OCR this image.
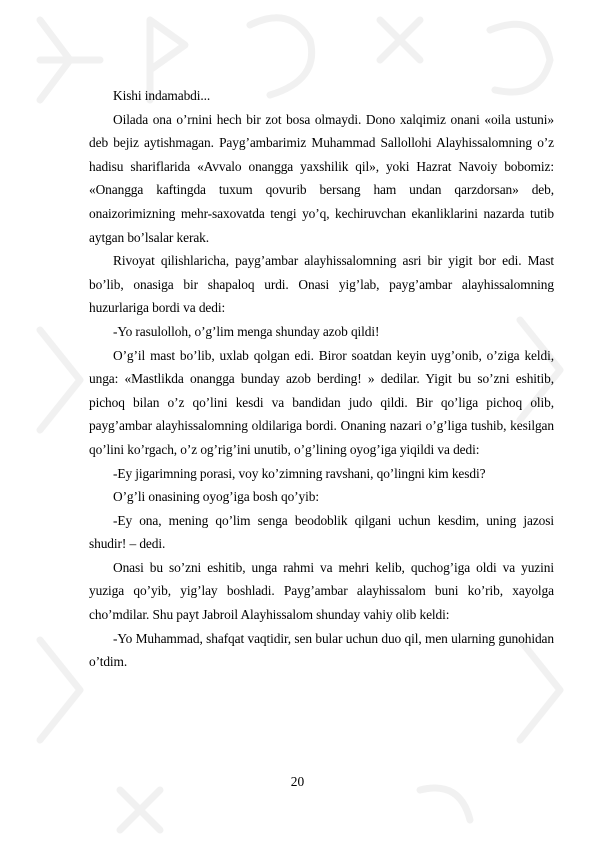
Kishi indamabdi...

Oilada ona o’rnini hech bir zot bosa olmaydi. Dono xalqimiz onani «oila ustuni» deb bejiz aytishmagan. Payg’ambarimiz Muhammad Sallollohi Alayhissalomning o’z hadisu shariflarida «Avvalo onangga yaxshilik qil», yoki Hazrat Navoiy bobomiz: «Onangga kaftingda tuxum qovurib bersang ham undan qarzdorsan» deb, onaizorimizning mehr-saxovatda tengi yo’q, kechiruvchan ekanliklarini nazarda tutib aytgan bo’lsalar kerak.

Rivoyat qilishlaricha, payg’ambar alayhissalomning asri bir yigit bor edi. Mast bo’lib, onasiga bir shapaloq urdi. Onasi yig’lab, payg’ambar alayhissalomning huzurlariga bordi va dedi:

-Yo rasulolloh, o’g’lim menga shunday azob qildi!

O’g’il mast bo’lib, uxlab qolgan edi. Biror soatdan keyin uyg’onib, o’ziga keldi, unga: «Mastlikda onangga bunday azob berding! » dedilar. Yigit bu so’zni eshitib, pichoq bilan o’z qo’lini kesdi va bandidan judo qildi. Bir qo’liga pichoq olib, payg’ambar alayhissalomning oldilariga bordi. Onaning nazari o’g’liga tushib, kesilgan qo’lini ko’rgach, o’z og’rig’ini unutib, o’g’lining oyog’iga yiqildi va dedi:

-Ey jigarimning porasi, voy ko’zimning ravshani, qo’lingni kim kesdi?

O’g’li onasining oyog’iga bosh qo’yib:

-Ey ona, mening qo’lim senga beodoblik qilgani uchun kesdim, uning jazosi shudir! – dedi.

Onasi bu so’zni eshitib, unga rahmi va mehri kelib, quchog’iga oldi va yuzini yuziga qo’yib, yig’lay boshladi. Payg’ambar alayhissalom buni ko’rib, xayolga cho’mdilar. Shu payt Jabroil Alayhissalom shunday vahiy olib keldi:

-Yo Muhammad, shafqat vaqtidir, sen bular uchun duo qil, men ularning gunohidan o’tdim.

20
